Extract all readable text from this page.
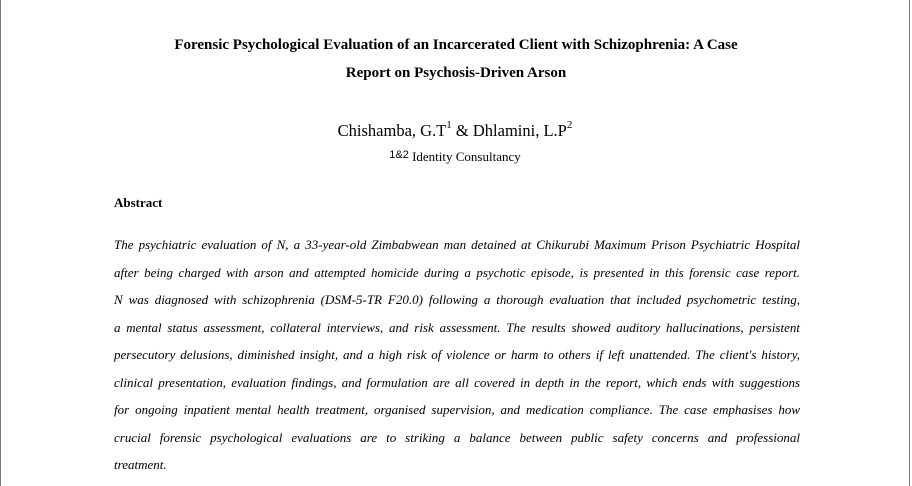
Forensic Psychological Evaluation of an Incarcerated Client with Schizophrenia: A Case
Report on Psychosis-Driven Arson
Chishamba, $G.T^1$ & Dhlamini, $L.P^2$
$^{1\&2}$ Identity Consultancy
Abstract
The psychiatric evaluation of N, a 33-year-old Zimbabwean man detained at Chikurubi Maximum Prison Psychiatric Hospital
after being charged with arson and attempted homicide during a psychotic episode, is presented in this forensic case report.
N was diagnosed with schizophrenia (DSM-5-TR F20.0) following a thorough evaluation that included psychometric testing,
a mental status assessment, collateral interviews, and risk assessment. The results showed auditory hallucinations, persistent
persecutory delusions, diminished insight, and a high risk of violence or harm to others if left unattended. The client's history,
clinical presentation, evaluation findings, and formulation are all covered in depth in the report, which ends with suggestions
for ongoing inpatient mental health treatment, organised supervision, and medication compliance. The case emphasises how
crucial forensic psychological evaluations are to striking a balance between public safety concerns and professional
treatment.
